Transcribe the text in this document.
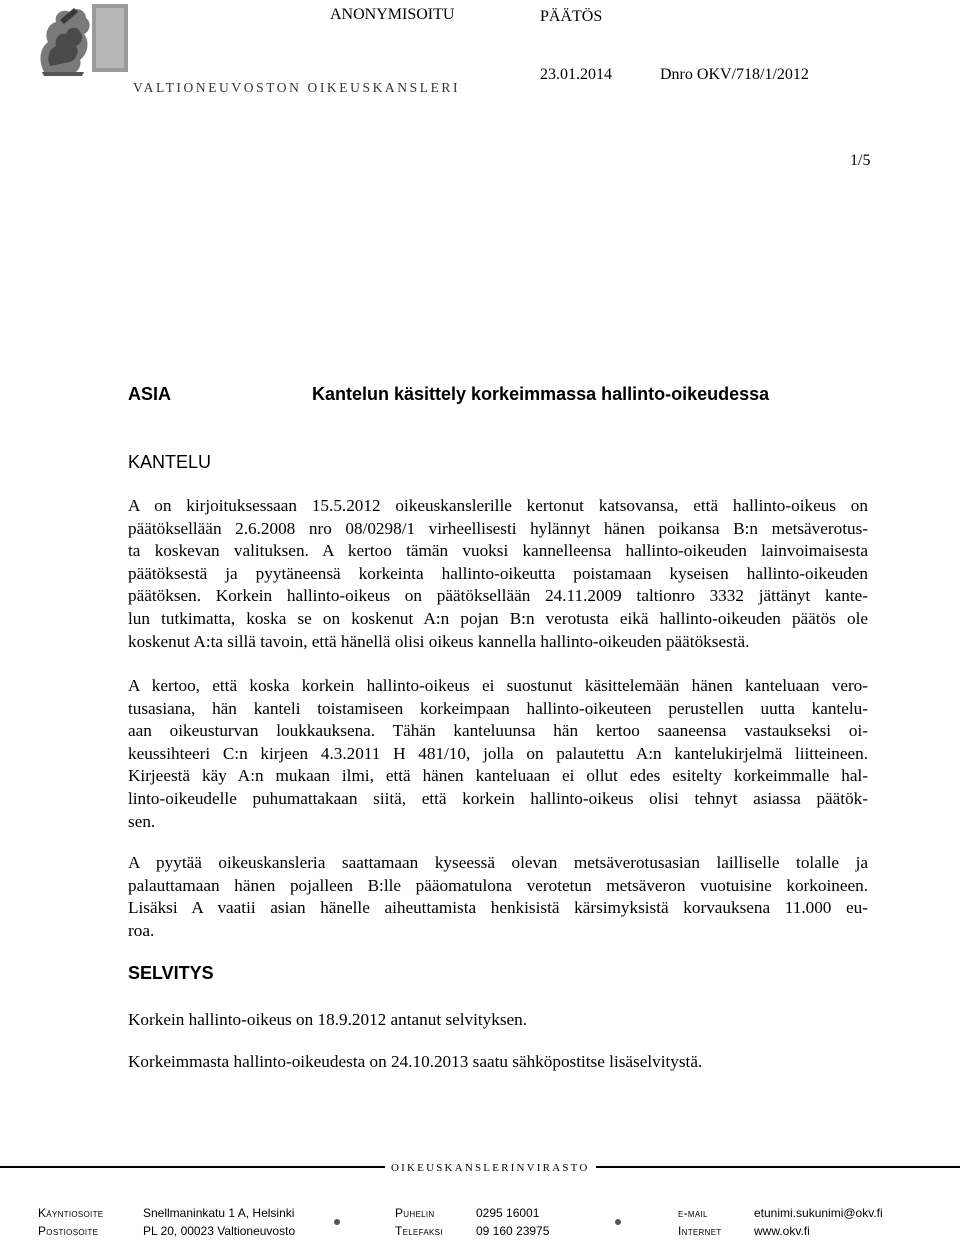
VALTIONEUVOSTON OIKEUSKANSLERI
ANONYMISOITU	PÄÄTÖS
23.01.2014	Dnro OKV/718/1/2012
1/5
ASIA	Kantelun käsittely korkeimmassa hallinto-oikeudessa
KANTELU
A on kirjoituksessaan 15.5.2012 oikeuskanslerille kertonut katsovansa, että hallinto-oikeus on
päätöksellään 2.6.2008 nro 08/0298/1 virheellisesti hylännyt hänen poikansa B:n metsäverotus-
ta koskevan valituksen. A kertoo tämän vuoksi kannelleensa hallinto-oikeuden lainvoimaisesta
päätöksestä ja pyytäneensä korkeinta hallinto-oikeutta poistamaan kyseisen hallinto-oikeuden
päätöksen. Korkein hallinto-oikeus on päätöksellään 24.11.2009 taltionro 3332 jättänyt kante-
lun tutkimatta, koska se on koskenut A:n pojan B:n verotusta eikä hallinto-oikeuden päätös ole
koskenut A:ta sillä tavoin, että hänellä olisi oikeus kannella hallinto-oikeuden päätöksestä.
A kertoo, että koska korkein hallinto-oikeus ei suostunut käsittelemään hänen kanteluaan vero-
tusasiana, hän kanteli toistamiseen korkeimpaan hallinto-oikeuteen perustellen uutta kantelu-
aan oikeusturvan loukkauksena. Tähän kanteluunsa hän kertoo saaneensa vastaukseksi oi-
keussihteeri C:n kirjeen 4.3.2011 H 481/10, jolla on palautettu A:n kantelukirjelmä liitteineen.
Kirjeestä käy A:n mukaan ilmi, että hänen kanteluaan ei ollut edes esitelty korkeimmalle hal-
linto-oikeudelle puhumattakaan siitä, että korkein hallinto-oikeus olisi tehnyt asiassa päätök-
sen.
A pyytää oikeuskansleria saattamaan kyseessä olevan metsäverotusasian lailliselle tolalle ja
palauttamaan hänen pojalleen B:lle pääomatulona verotetun metsäveron vuotuisine korkoineen.
Lisäksi A vaatii asian hänelle aiheuttamista henkisistä kärsimyksistä korvauksena 11.000 eu-
roa.
SELVITYS
Korkein hallinto-oikeus on 18.9.2012 antanut selvityksen.
Korkeimmasta hallinto-oikeudesta on 24.10.2013 saatu sähköpostitse lisäselvitystä.
OIKEUSKANSLERINVIRASTO
Käyntiosoite	Snellmaninkatu 1 A, Helsinki
Postiosoite	PL 20, 00023 Valtioneuvosto
Puhelin	0295 16001
Telefaksi	09 160 23975
e-mail	etunimi.sukunimi@okv.fi
Internet	www.okv.fi
